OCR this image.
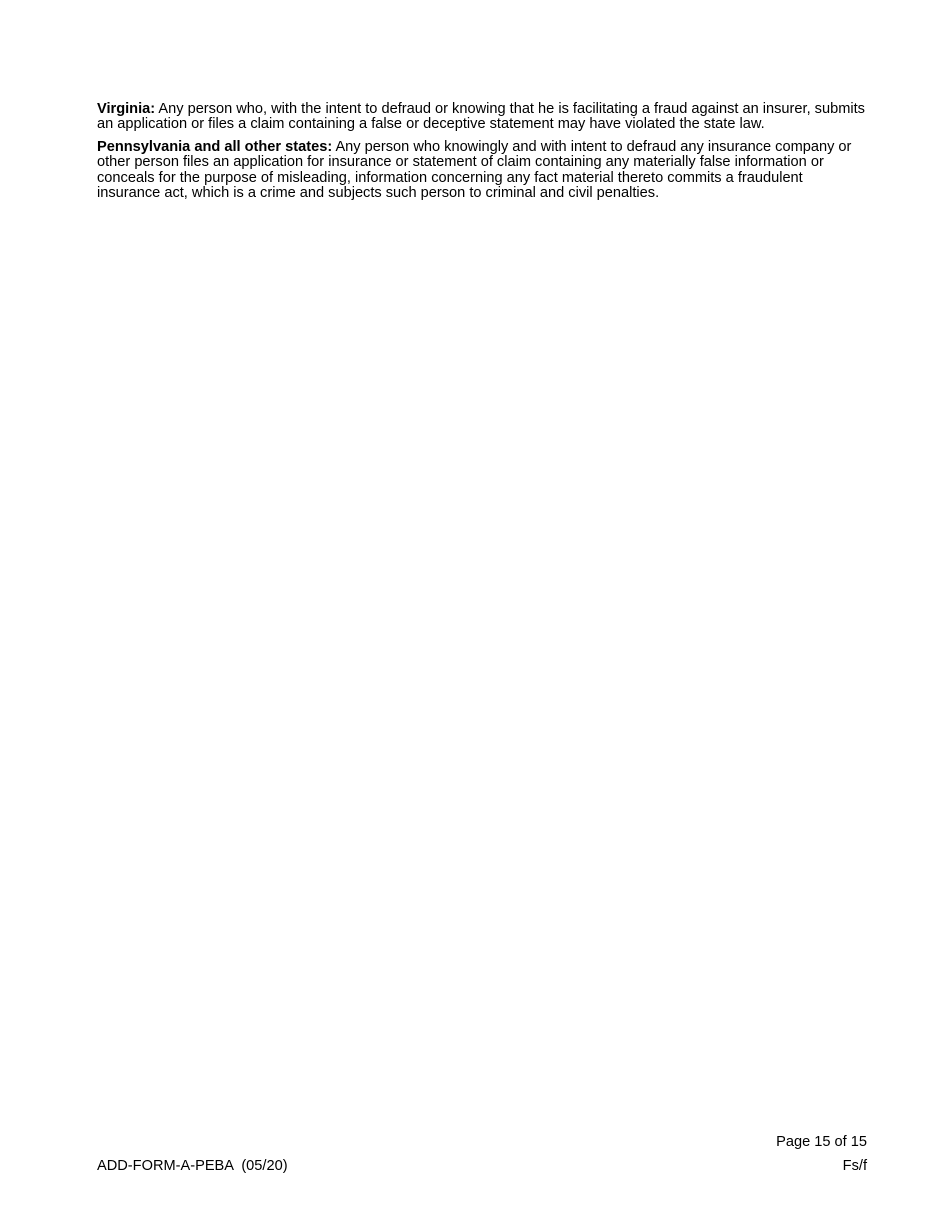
Virginia: Any person who, with the intent to defraud or knowing that he is facilitating a fraud against an insurer, submits an application or files a claim containing a false or deceptive statement may have violated the state law.

Pennsylvania and all other states: Any person who knowingly and with intent to defraud any insurance company or other person files an application for insurance or statement of claim containing any materially false information or conceals for the purpose of misleading, information concerning any fact material thereto commits a fraudulent insurance act, which is a crime and subjects such person to criminal and civil penalties.

ADD-FORM-A-PEBA  (05/20)
Page 15 of 15
Fs/f
